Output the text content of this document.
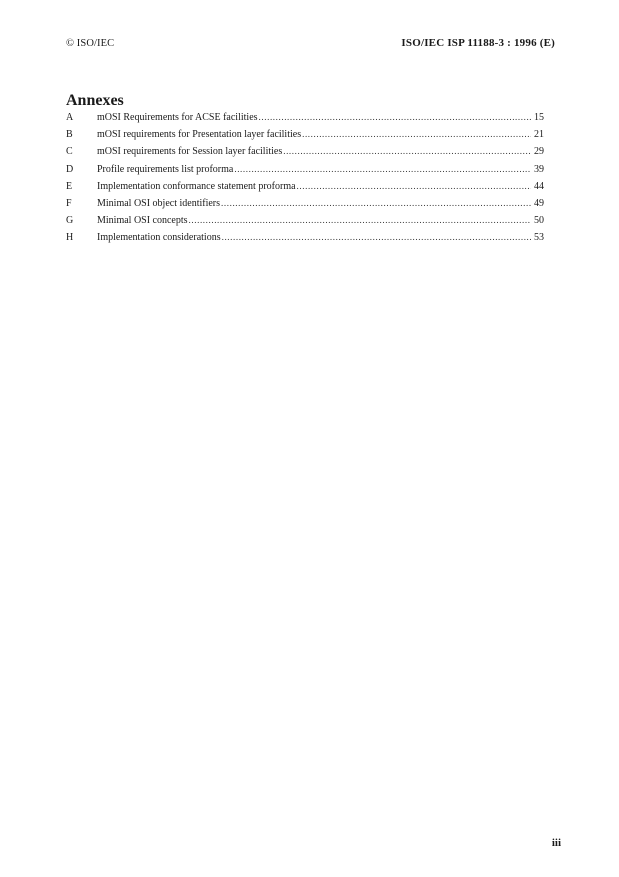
© ISO/IEC	ISO/IEC ISP 11188-3 : 1996 (E)
Annexes
A	mOSI Requirements for ACSE facilities .....	15
B	mOSI requirements for Presentation layer facilities .....	21
C	mOSI requirements for Session layer facilities .....	29
D	Profile requirements list proforma .....	39
E	Implementation conformance statement proforma .....	44
F	Minimal OSI object identifiers .....	49
G	Minimal OSI concepts .....	50
H	Implementation considerations .....	53
iii
